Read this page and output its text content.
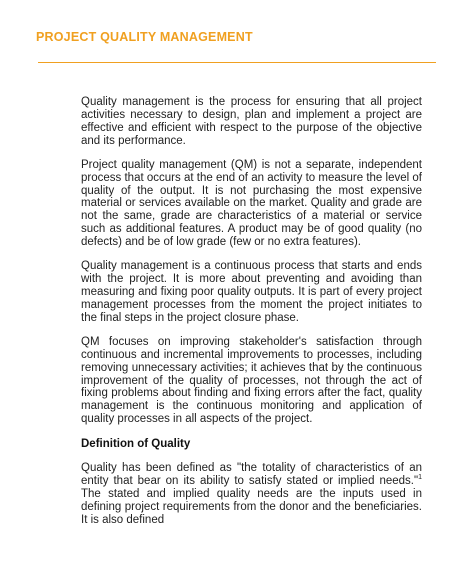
PROJECT QUALITY MANAGEMENT

Quality management is the process for ensuring that all project activities necessary to design, plan and implement a project are effective and efficient with respect to the purpose of the objective and its performance.

Project quality management (QM) is not a separate, independent process that occurs at the end of an activity to measure the level of quality of the output. It is not purchasing the most expensive material or services available on the market. Quality and grade are not the same, grade are characteristics of a material or service such as additional features. A product may be of good quality (no defects) and be of low grade (few or no extra features).

Quality management is a continuous process that starts and ends with the project. It is more about preventing and avoiding than measuring and fixing poor quality outputs. It is part of every project management processes from the moment the project initiates to the final steps in the project closure phase.

QM focuses on improving stakeholder's satisfaction through continuous and incremental improvements to processes, including removing unnecessary activities; it achieves that by the continuous improvement of the quality of processes, not through the act of fixing problems about finding and fixing errors after the fact, quality management is the continuous monitoring and application of quality processes in all aspects of the project.

Definition of Quality

Quality has been defined as "the totality of characteristics of an entity that bear on its ability to satisfy stated or implied needs."$^1$ The stated and implied quality needs are the inputs used in defining project requirements from the donor and the beneficiaries. It is also defined
